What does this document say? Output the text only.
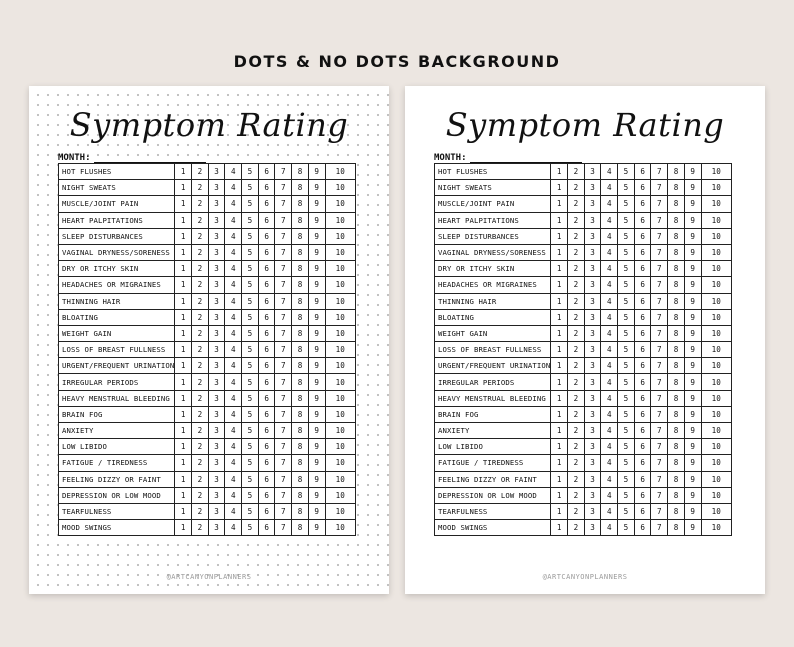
DOTS & NO DOTS BACKGROUND
Symptom Rating
MONTH:
HOT FLUSHES	1	2	3	4	5	6	7	8	9	10
NIGHT SWEATS	1	2	3	4	5	6	7	8	9	10
MUSCLE/JOINT PAIN	1	2	3	4	5	6	7	8	9	10
HEART PALPITATIONS	1	2	3	4	5	6	7	8	9	10
SLEEP DISTURBANCES	1	2	3	4	5	6	7	8	9	10
VAGINAL DRYNESS/SORENESS	1	2	3	4	5	6	7	8	9	10
DRY OR ITCHY SKIN	1	2	3	4	5	6	7	8	9	10
HEADACHES OR MIGRAINES	1	2	3	4	5	6	7	8	9	10
THINNING HAIR	1	2	3	4	5	6	7	8	9	10
BLOATING	1	2	3	4	5	6	7	8	9	10
WEIGHT GAIN	1	2	3	4	5	6	7	8	9	10
LOSS OF BREAST FULLNESS	1	2	3	4	5	6	7	8	9	10
URGENT/FREQUENT URINATION	1	2	3	4	5	6	7	8	9	10
IRREGULAR PERIODS	1	2	3	4	5	6	7	8	9	10
HEAVY MENSTRUAL BLEEDING	1	2	3	4	5	6	7	8	9	10
BRAIN FOG	1	2	3	4	5	6	7	8	9	10
ANXIETY	1	2	3	4	5	6	7	8	9	10
LOW LIBIDO	1	2	3	4	5	6	7	8	9	10
FATIGUE / TIREDNESS	1	2	3	4	5	6	7	8	9	10
FEELING DIZZY OR FAINT	1	2	3	4	5	6	7	8	9	10
DEPRESSION OR LOW MOOD	1	2	3	4	5	6	7	8	9	10
TEARFULNESS	1	2	3	4	5	6	7	8	9	10
MOOD SWINGS	1	2	3	4	5	6	7	8	9	10
@ARTCANYONPLANNERS
Symptom Rating
MONTH:
HOT FLUSHES	1	2	3	4	5	6	7	8	9	10
NIGHT SWEATS	1	2	3	4	5	6	7	8	9	10
MUSCLE/JOINT PAIN	1	2	3	4	5	6	7	8	9	10
HEART PALPITATIONS	1	2	3	4	5	6	7	8	9	10
SLEEP DISTURBANCES	1	2	3	4	5	6	7	8	9	10
VAGINAL DRYNESS/SORENESS	1	2	3	4	5	6	7	8	9	10
DRY OR ITCHY SKIN	1	2	3	4	5	6	7	8	9	10
HEADACHES OR MIGRAINES	1	2	3	4	5	6	7	8	9	10
THINNING HAIR	1	2	3	4	5	6	7	8	9	10
BLOATING	1	2	3	4	5	6	7	8	9	10
WEIGHT GAIN	1	2	3	4	5	6	7	8	9	10
LOSS OF BREAST FULLNESS	1	2	3	4	5	6	7	8	9	10
URGENT/FREQUENT URINATION	1	2	3	4	5	6	7	8	9	10
IRREGULAR PERIODS	1	2	3	4	5	6	7	8	9	10
HEAVY MENSTRUAL BLEEDING	1	2	3	4	5	6	7	8	9	10
BRAIN FOG	1	2	3	4	5	6	7	8	9	10
ANXIETY	1	2	3	4	5	6	7	8	9	10
LOW LIBIDO	1	2	3	4	5	6	7	8	9	10
FATIGUE / TIREDNESS	1	2	3	4	5	6	7	8	9	10
FEELING DIZZY OR FAINT	1	2	3	4	5	6	7	8	9	10
DEPRESSION OR LOW MOOD	1	2	3	4	5	6	7	8	9	10
TEARFULNESS	1	2	3	4	5	6	7	8	9	10
MOOD SWINGS	1	2	3	4	5	6	7	8	9	10
@ARTCANYONPLANNERS
